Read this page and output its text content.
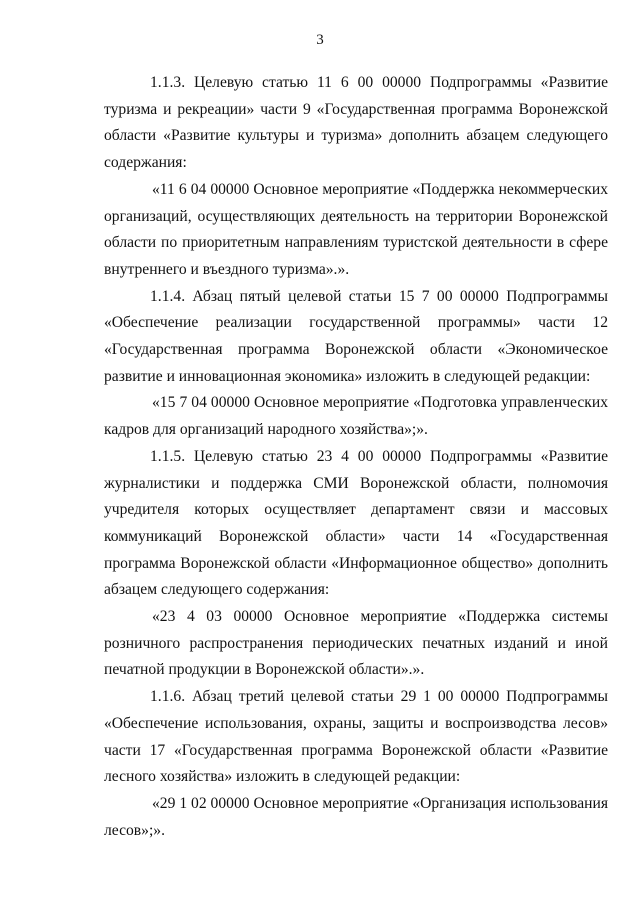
3

1.1.3. Целевую статью 11 6 00 00000 Подпрограммы «Развитие туризма и рекреации» части 9 «Государственная программа Воронежской области «Развитие культуры и туризма» дополнить абзацем следующего содержания:

«11 6 04 00000 Основное мероприятие «Поддержка некоммерческих организаций, осуществляющих деятельность на территории Воронежской области по приоритетным направлениям туристской деятельности в сфере внутреннего и въездного туризма».».

1.1.4. Абзац пятый целевой статьи 15 7 00 00000 Подпрограммы «Обеспечение реализации государственной программы» части 12 «Государственная программа Воронежской области «Экономическое развитие и инновационная экономика» изложить в следующей редакции:

«15 7 04 00000 Основное мероприятие «Подготовка управленческих кадров для организаций народного хозяйства»;».

1.1.5. Целевую статью 23 4 00 00000 Подпрограммы «Развитие журналистики и поддержка СМИ Воронежской области, полномочия учредителя которых осуществляет департамент связи и массовых коммуникаций Воронежской области» части 14 «Государственная программа Воронежской области «Информационное общество» дополнить абзацем следующего содержания:

«23 4 03 00000 Основное мероприятие «Поддержка системы розничного распространения периодических печатных изданий и иной печатной продукции в Воронежской области».».

1.1.6. Абзац третий целевой статьи 29 1 00 00000 Подпрограммы «Обеспечение использования, охраны, защиты и воспроизводства лесов» части 17 «Государственная программа Воронежской области «Развитие лесного хозяйства» изложить в следующей редакции:

«29 1 02 00000 Основное мероприятие «Организация использования лесов»;».
